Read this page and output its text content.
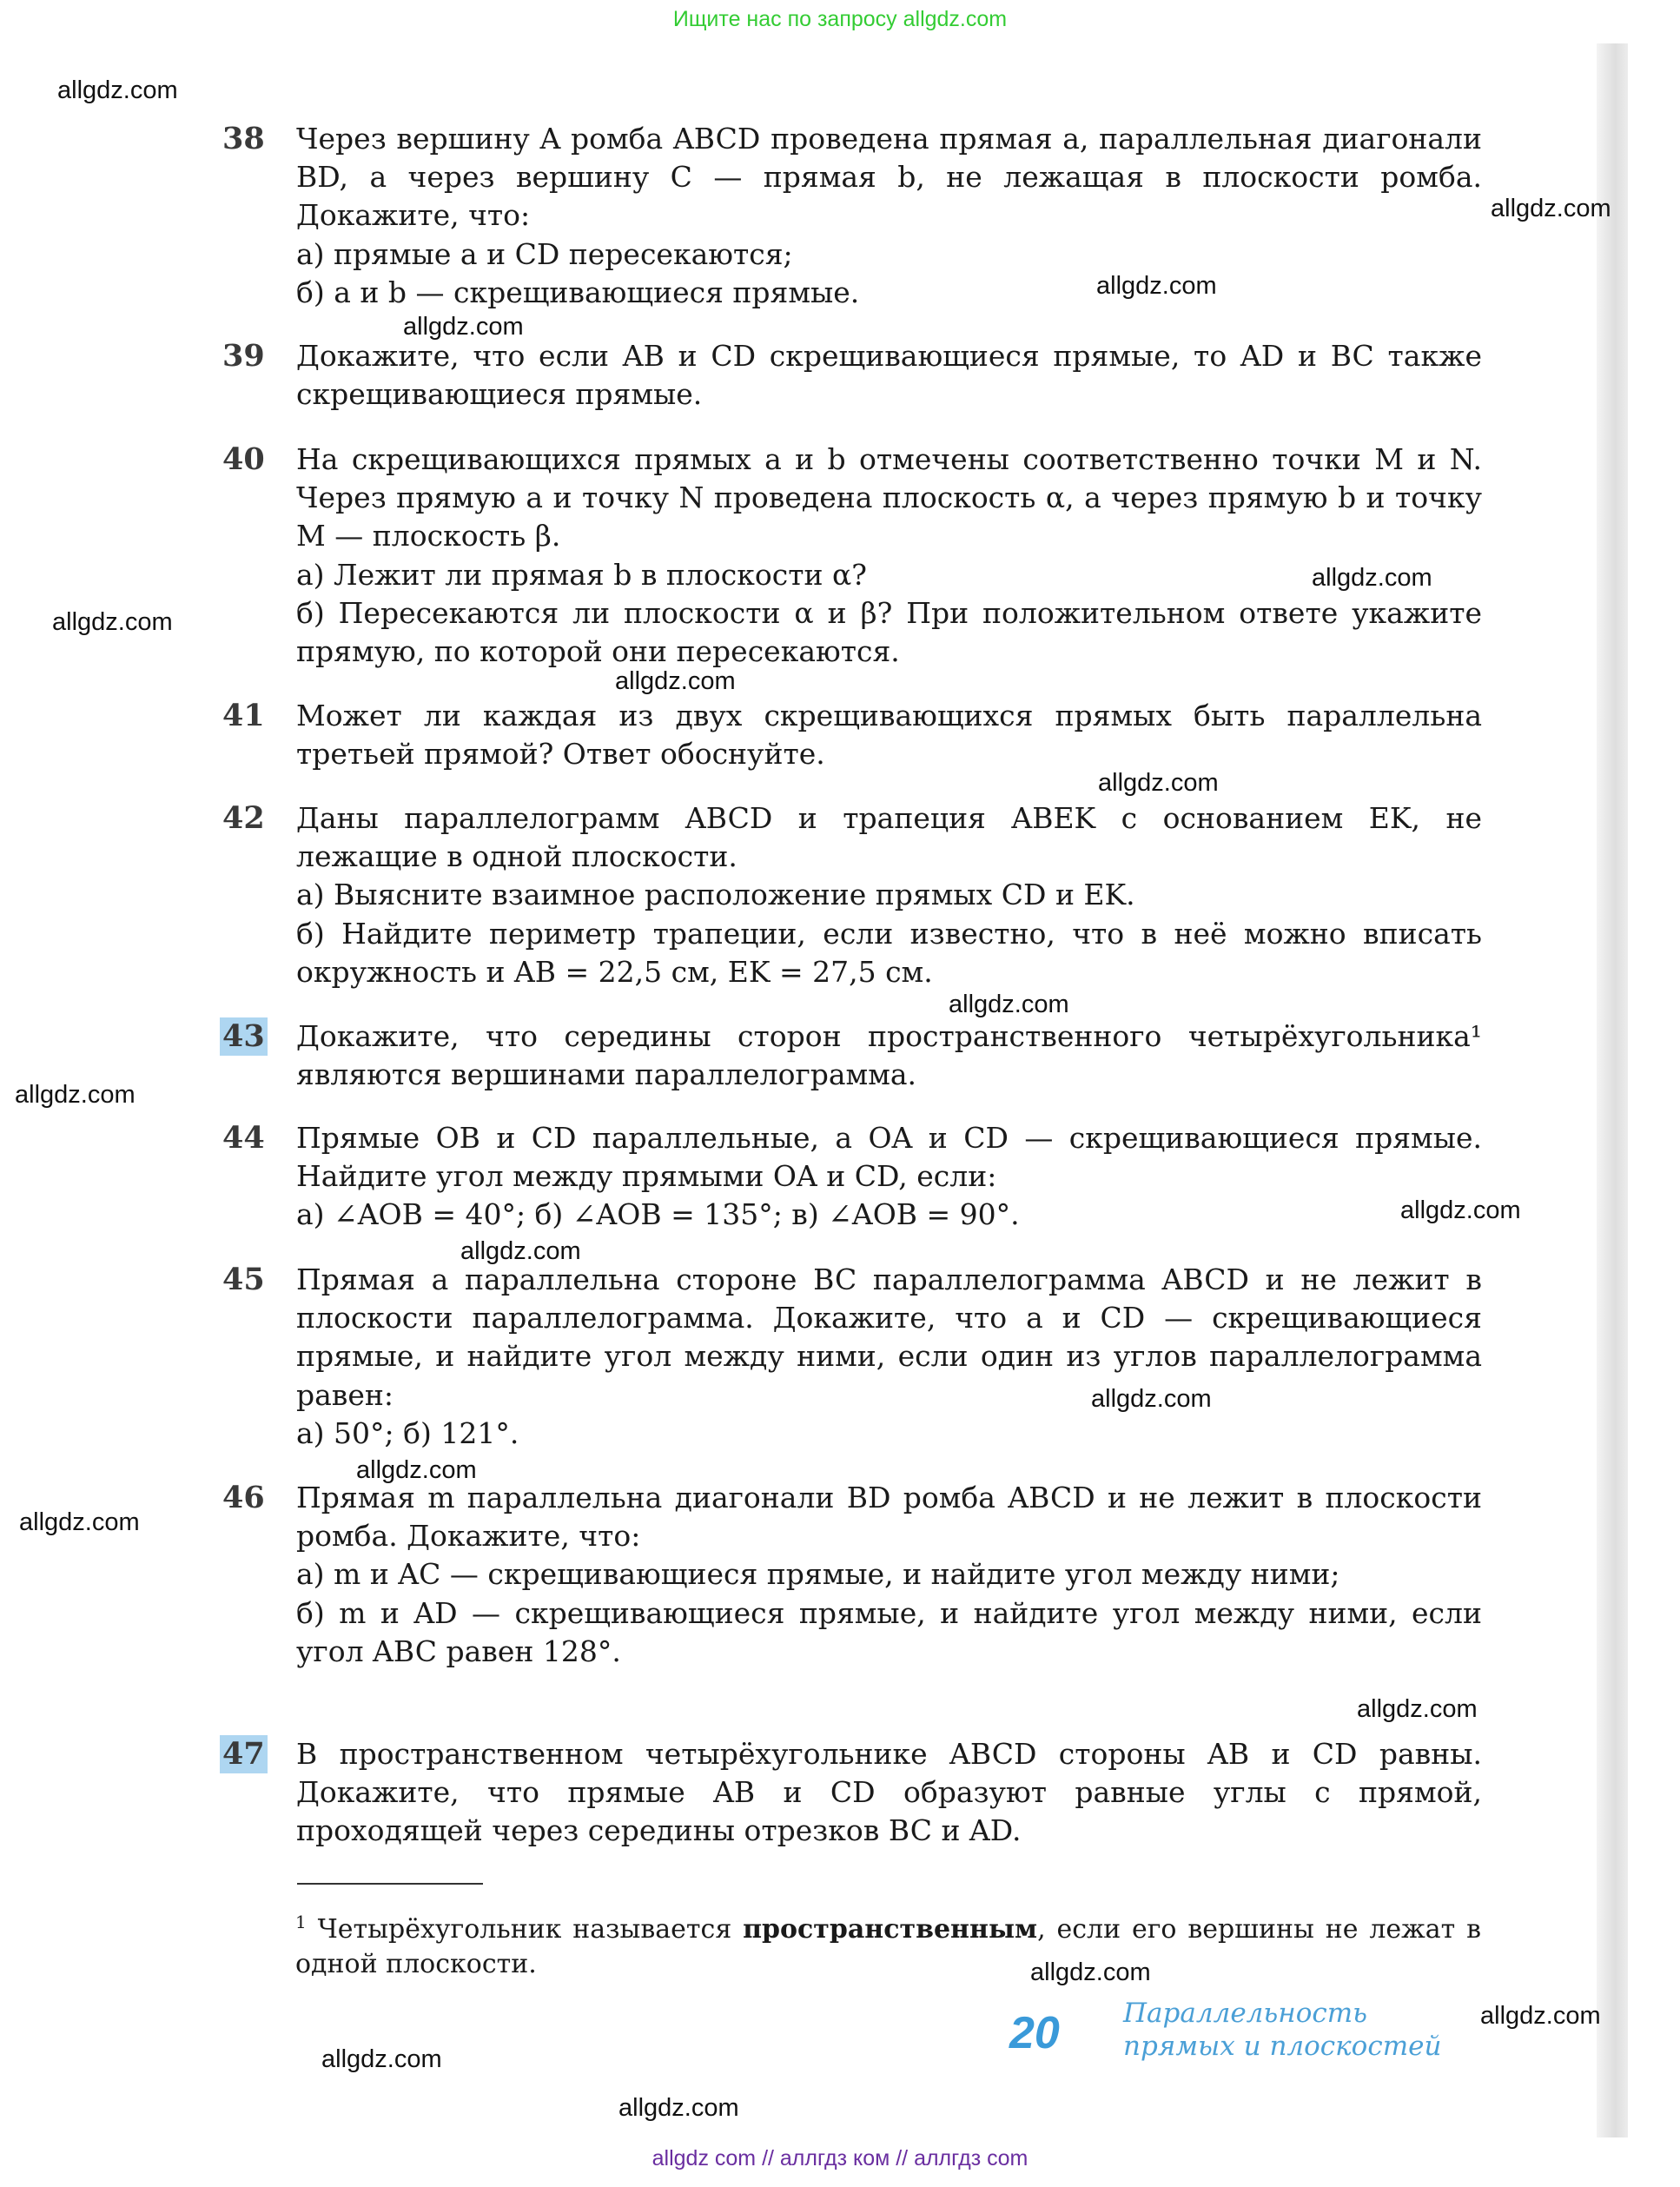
Ищите нас по запросу allgdz.com
allgdz.com
allgdz.com
allgdz.com
allgdz.com
allgdz.com
allgdz.com
allgdz.com
allgdz.com
allgdz.com
allgdz.com
allgdz.com
allgdz.com
allgdz.com
allgdz.com
allgdz.com
allgdz.com
allgdz.com
allgdz.com
allgdz.com
allgdz.com
38 Через вершину A ромба ABCD проведена прямая a, параллельная диагонали BD, а через вершину C — прямая b, не лежащая в плоскости ромба. Докажите, что:
а) прямые a и CD пересекаются;
б) a и b — скрещивающиеся прямые.
39 Докажите, что если AB и CD скрещивающиеся прямые, то AD и BC также скрещивающиеся прямые.
40 На скрещивающихся прямых a и b отмечены соответственно точки M и N. Через прямую a и точку N проведена плоскость α, а через прямую b и точку M — плоскость β.
а) Лежит ли прямая b в плоскости α?
б) Пересекаются ли плоскости α и β? При положительном ответе укажите прямую, по которой они пересекаются.
41 Может ли каждая из двух скрещивающихся прямых быть параллельна третьей прямой? Ответ обоснуйте.
42 Даны параллелограмм ABCD и трапеция ABEK с основанием EK, не лежащие в одной плоскости.
а) Выясните взаимное расположение прямых CD и EK.
б) Найдите периметр трапеции, если известно, что в неё можно вписать окружность и AB = 22,5 см, EK = 27,5 см.
43 Докажите, что середины сторон пространственного четырёхугольника¹ являются вершинами параллелограмма.
44 Прямые OB и CD параллельные, а OA и CD — скрещивающиеся прямые. Найдите угол между прямыми OA и CD, если:
а) ∠AOB = 40°; б) ∠AOB = 135°; в) ∠AOB = 90°.
45 Прямая a параллельна стороне BC параллелограмма ABCD и не лежит в плоскости параллелограмма. Докажите, что a и CD — скрещивающиеся прямые, и найдите угол между ними, если один из углов параллелограмма равен:
а) 50°; б) 121°.
46 Прямая m параллельна диагонали BD ромба ABCD и не лежит в плоскости ромба. Докажите, что:
а) m и AC — скрещивающиеся прямые, и найдите угол между ними;
б) m и AD — скрещивающиеся прямые, и найдите угол между ними, если угол ABC равен 128°.
47 В пространственном четырёхугольнике ABCD стороны AB и CD равны. Докажите, что прямые AB и CD образуют равные углы с прямой, проходящей через середины отрезков BC и AD.
$^1$ Четырёхугольник называется пространственным, если его вершины не лежат в одной плоскости.
20 Параллельность
прямых и плоскостей
allgdz com // аллгдз ком // аллгдз com
